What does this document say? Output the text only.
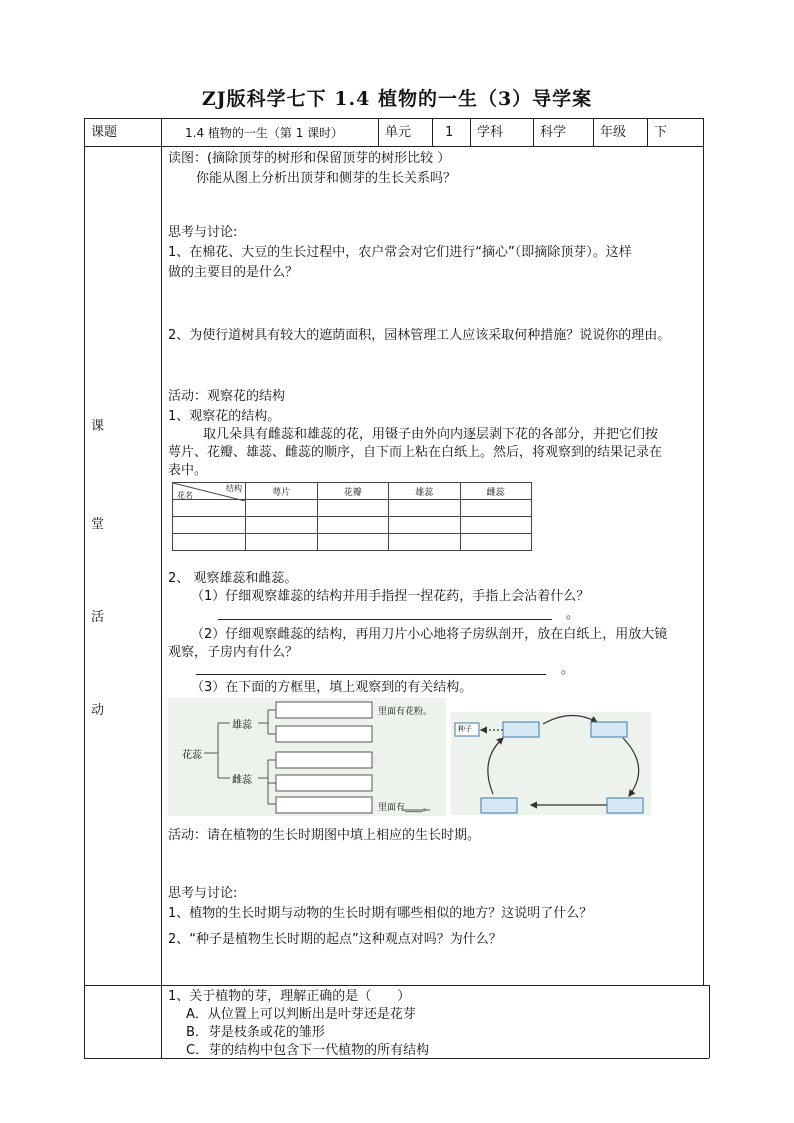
ZJ版科学七下 1.4 植物的一生（3）导学案
课题	1.4 植物的一生（第 1 课时）	单元	1 学科	科学	年级 下
课
堂
活
动
读图：(摘除顶芽的树形和保留顶芽的树形比较 ）
你能从图上分析出顶芽和侧芽的生长关系吗？
思考与讨论:
1、在棉花、大豆的生长过程中，农户常会对它们进行“摘心”（即摘除顶芽）。这样
做的主要目的是什么？
2、为使行道树具有较大的遮荫面积，园林管理工人应该采取何种措施？说说你的理由。
活动：观察花的结构
1、观察花的结构。
取几朵具有雌蕊和雄蕊的花，用镊子由外向内逐层剥下花的各部分，并把它们按
萼片、花瓣、雄蕊、雌蕊的顺序，自下而上粘在白纸上。然后，将观察到的结果记录在
表中。
结构
花名	萼片	花瓣	雄蕊	雌蕊

2、 观察雄蕊和雌蕊。
（1）仔细观察雄蕊的结构并用手指捏一捏花药，手指上会沾着什么？
。
（2）仔细观察雌蕊的结构，再用刀片小心地将子房纵剖开，放在白纸上，用放大镜
观察，子房内有什么？
。
（3）在下面的方框里，填上观察到的有关结构。
花蕊
雄蕊
雌蕊
里面有花粉。
里面有____。
种子
活动：请在植物的生长时期图中填上相应的生长时期。
思考与讨论:
1、植物的生长时期与动物的生长时期有哪些相似的地方？这说明了什么？
2、“种子是植物生长时期的起点”这种观点对吗？为什么？
1、关于植物的芽，理解正确的是（　　）
A．从位置上可以判断出是叶芽还是花芽
B．芽是枝条或花的雏形
C．芽的结构中包含下一代植物的所有结构
